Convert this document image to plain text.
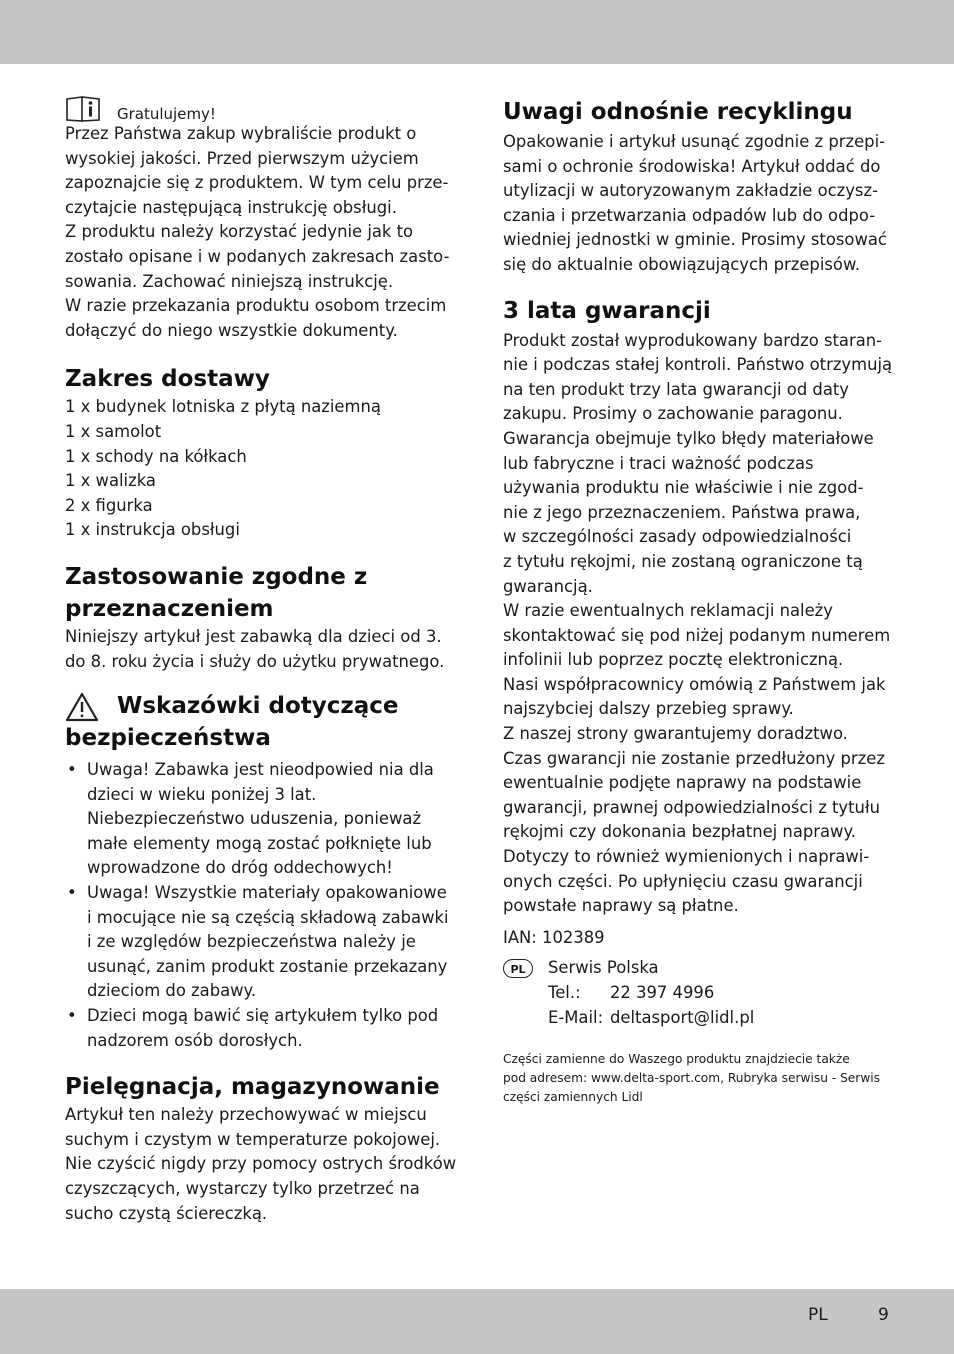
Gratulujemy!
Przez Państwa zakup wybraliście produkt o
wysokiej jakości. Przed pierwszym użyciem
zapoznajcie się z produktem. W tym celu prze-
czytajcie następującą instrukcję obsługi.
Z produktu należy korzystać jedynie jak to
zostało opisane i w podanych zakresach zasto-
sowania. Zachować niniejszą instrukcję.
W razie przekazania produktu osobom trzecim
dołączyć do niego wszystkie dokumenty.
Zakres dostawy
1 x budynek lotniska z płytą naziemną
1 x samolot
1 x schody na kółkach
1 x walizka
2 x figurka
1 x instrukcja obsługi
Zastosowanie zgodne z
przeznaczeniem
Niniejszy artykuł jest zabawką dla dzieci od 3.
do 8. roku życia i służy do użytku prywatnego.
Wskazówki dotyczące
bezpieczeństwa
• Uwaga! Zabawka jest nieodpowied nia dla
dzieci w wieku poniżej 3 lat.
Niebezpieczeństwo uduszenia, ponieważ
małe elementy mogą zostać połknięte lub
wprowadzone do dróg oddechowych!
• Uwaga! Wszystkie materiały opakowaniowe
i mocujące nie są częścią składową zabawki
i ze względów bezpieczeństwa należy je
usunąć, zanim produkt zostanie przekazany
dzieciom do zabawy.
• Dzieci mogą bawić się artykułem tylko pod
nadzorem osób dorosłych.
Pielęgnacja, magazynowanie
Artykuł ten należy przechowywać w miejscu
suchym i czystym w temperaturze pokojowej.
Nie czyścić nigdy przy pomocy ostrych środków
czyszczących, wystarczy tylko przetrzeć na
sucho czystą ściereczką.
Uwagi odnośnie recyklingu
Opakowanie i artykuł usunąć zgodnie z przepi-
sami o ochronie środowiska! Artykuł oddać do
utylizacji w autoryzowanym zakładzie oczysz-
czania i przetwarzania odpadów lub do odpo-
wiedniej jednostki w gminie. Prosimy stosować
się do aktualnie obowiązujących przepisów.
3 lata gwarancji
Produkt został wyprodukowany bardzo staran-
nie i podczas stałej kontroli. Państwo otrzymują
na ten produkt trzy lata gwarancji od daty
zakupu. Prosimy o zachowanie paragonu.
Gwarancja obejmuje tylko błędy materiałowe
lub fabryczne i traci ważność podczas
używania produktu nie właściwie i nie zgod-
nie z jego przeznaczeniem. Państwa prawa,
w szczególności zasady odpowiedzialności
z tytułu rękojmi, nie zostaną ograniczone tą
gwarancją.
W razie ewentualnych reklamacji należy
skontaktować się pod niżej podanym numerem
infolinii lub poprzez pocztę elektroniczną.
Nasi współpracownicy omówią z Państwem jak
najszybciej dalszy przebieg sprawy.
Z naszej strony gwarantujemy doradztwo.
Czas gwarancji nie zostanie przedłużony przez
ewentualnie podjęte naprawy na podstawie
gwarancji, prawnej odpowiedzialności z tytułu
rękojmi czy dokonania bezpłatnej naprawy.
Dotyczy to również wymienionych i naprawi-
onych części. Po upłynięciu czasu gwarancji
powstałe naprawy są płatne.
IAN: 102389
PL	Serwis Polska
Tel.:	22 397 4996
E-Mail: deltasport@lidl.pl
Części zamienne do Waszego produktu znajdziecie także
pod adresem: www.delta-sport.com, Rubryka serwisu - Serwis
części zamiennych Lidl
PL	9
